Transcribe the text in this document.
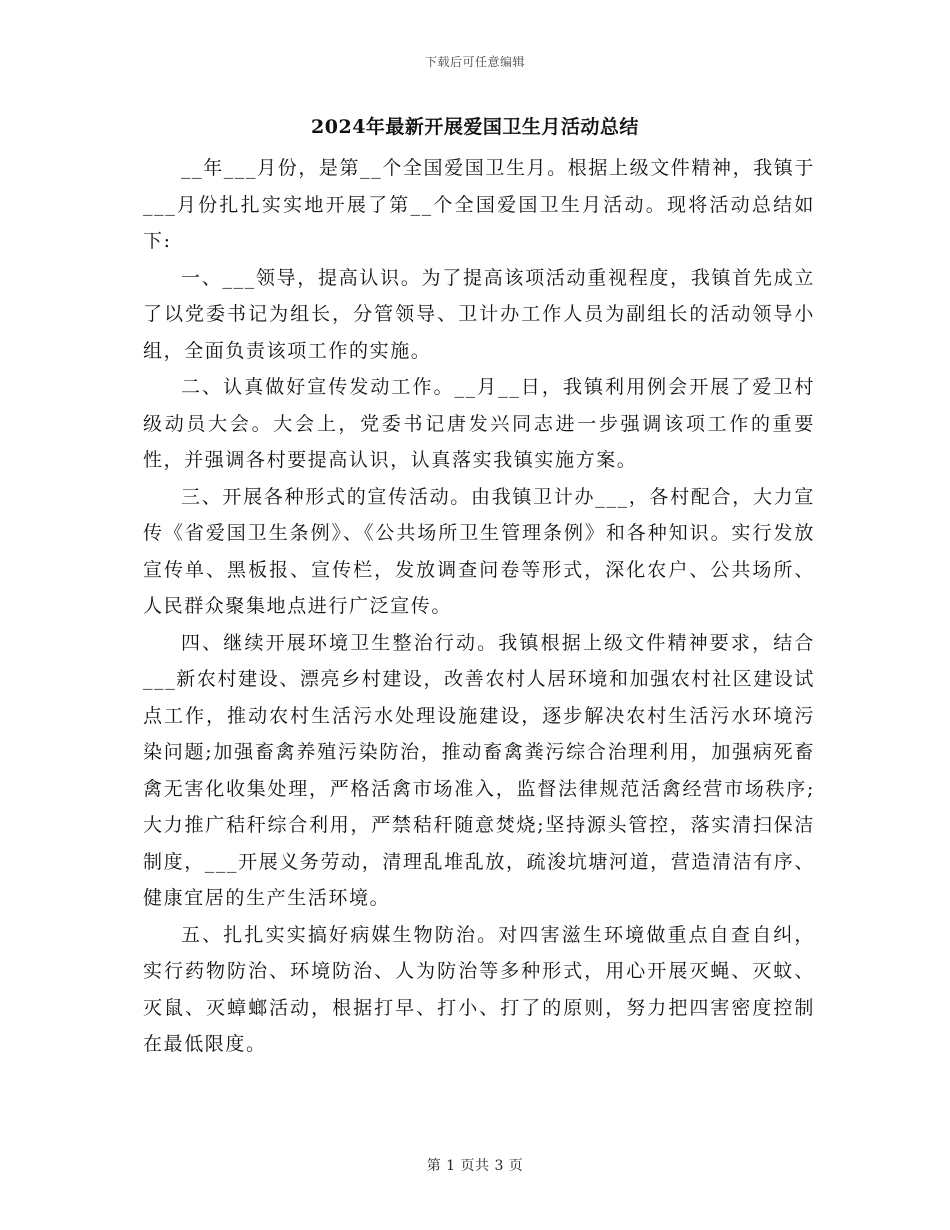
下载后可任意编辑
2024年最新开展爱国卫生月活动总结

__年___月份，是第__个全国爱国卫生月。根据上级文件精神，我镇于___月份扎扎实实地开展了第__个全国爱国卫生月活动。现将活动总结如下:

一、___领导，提高认识。为了提高该项活动重视程度，我镇首先成立了以党委书记为组长，分管领导、卫计办工作人员为副组长的活动领导小组，全面负责该项工作的实施。

二、认真做好宣传发动工作。__月__日，我镇利用例会开展了爱卫村级动员大会。大会上，党委书记唐发兴同志进一步强调该项工作的重要性，并强调各村要提高认识，认真落实我镇实施方案。

三、开展各种形式的宣传活动。由我镇卫计办___，各村配合，大力宣传《省爱国卫生条例》、《公共场所卫生管理条例》和各种知识。实行发放宣传单、黑板报、宣传栏，发放调查问卷等形式，深化农户、公共场所、人民群众聚集地点进行广泛宣传。

四、继续开展环境卫生整治行动。我镇根据上级文件精神要求，结合___新农村建设、漂亮乡村建设，改善农村人居环境和加强农村社区建设试点工作，推动农村生活污水处理设施建设，逐步解决农村生活污水环境污染问题;加强畜禽养殖污染防治，推动畜禽粪污综合治理利用，加强病死畜禽无害化收集处理，严格活禽市场准入，监督法律规范活禽经营市场秩序;大力推广秸秆综合利用，严禁秸秆随意焚烧;坚持源头管控，落实清扫保洁制度，___开展义务劳动，清理乱堆乱放，疏浚坑塘河道，营造清洁有序、健康宜居的生产生活环境。

五、扎扎实实搞好病媒生物防治。对四害滋生环境做重点自查自纠，实行药物防治、环境防治、人为防治等多种形式，用心开展灭蝇、灭蚊、灭鼠、灭蟑螂活动，根据打早、打小、打了的原则，努力把四害密度控制在最低限度。

第 1 页共 3 页
